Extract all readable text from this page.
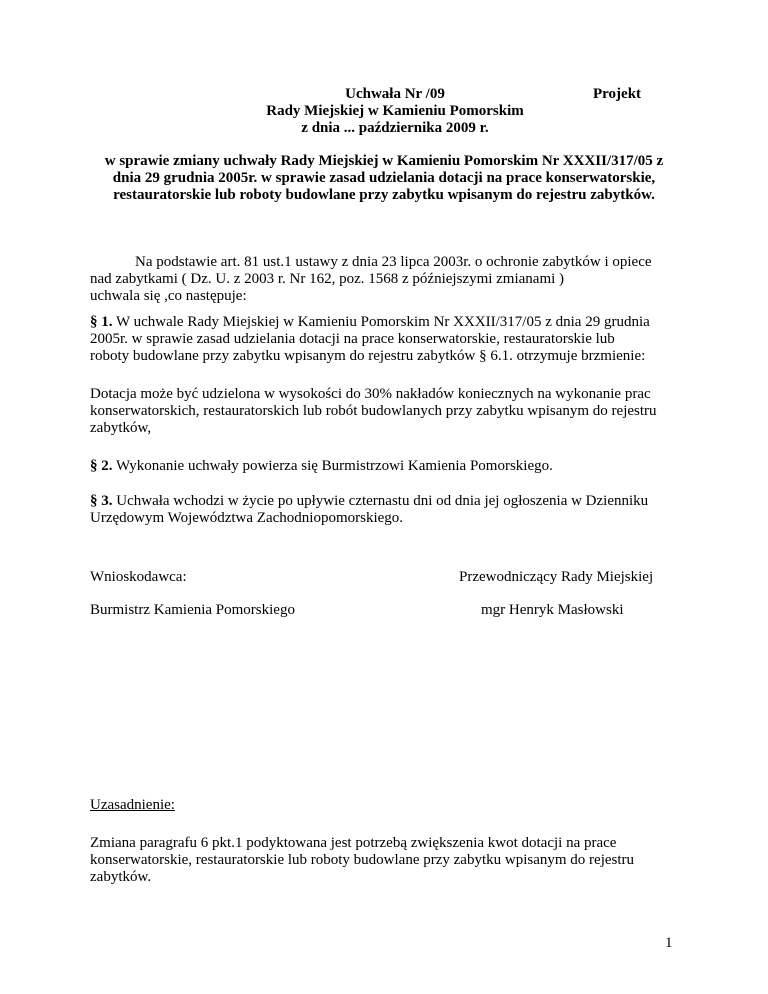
Uchwała Nr /09

Rady Miejskiej w Kamieniu Pomorskim

z dnia ... października 2009 r.

Projekt

w sprawie zmiany uchwały Rady Miejskiej w Kamieniu Pomorskim Nr XXXII/317/05 z

dnia 29 grudnia 2005r. w sprawie zasad udzielania dotacji na prace konserwatorskie,

restauratorskie lub roboty budowlane przy zabytku wpisanym do rejestru zabytków.

Na podstawie art. 81 ust.1 ustawy z dnia 23 lipca 2003r. o ochronie zabytków i opiece

nad zabytkami ( Dz. U. z 2003 r. Nr 162, poz. 1568 z późniejszymi zmianami )

uchwala się ,co następuje:

§ 1. W uchwale Rady Miejskiej w Kamieniu Pomorskim Nr XXXII/317/05 z dnia 29 grudnia

2005r. w sprawie zasad udzielania dotacji na prace konserwatorskie, restauratorskie lub

roboty budowlane przy zabytku wpisanym do rejestru zabytków § 6.1. otrzymuje brzmienie:

Dotacja może być udzielona w wysokości do 30% nakładów koniecznych na wykonanie prac

konserwatorskich, restauratorskich lub robót budowlanych przy zabytku wpisanym do rejestru

zabytków,

§ 2. Wykonanie uchwały powierza się Burmistrzowi Kamienia Pomorskiego.

§ 3. Uchwała wchodzi w życie po upływie czternastu dni od dnia jej ogłoszenia w Dzienniku

Urzędowym Województwa Zachodniopomorskiego.

Wnioskodawca:	Przewodniczący Rady Miejskiej
Burmistrz Kamienia Pomorskiego	mgr Henryk Masłowski
Uzasadnienie:

Zmiana paragrafu 6 pkt.1 podyktowana jest potrzebą zwiększenia kwot dotacji na prace

konserwatorskie, restauratorskie lub roboty budowlane przy zabytku wpisanym do rejestru

zabytków.

1
